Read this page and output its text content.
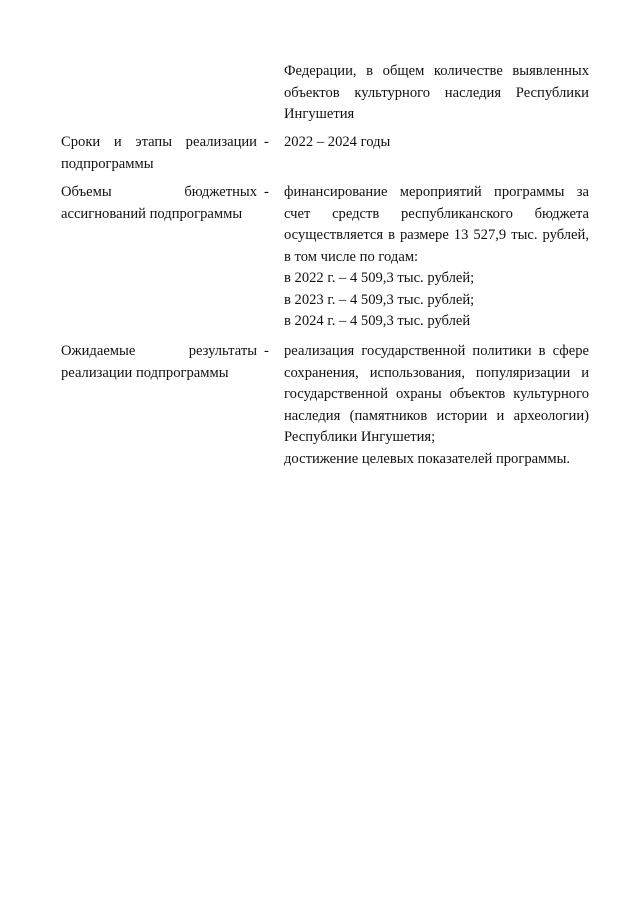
Федерации, в общем количестве выявленных
объектов культурного наследия Республики
Ингушетия
Сроки и этапы реализации
подпрограммы
-	2022 – 2024 годы
Объемы бюджетных
ассигнований подпрограммы
-	финансирование мероприятий программы за
счет средств республиканского бюджета
осуществляется в размере 13 527,9 тыс. рублей,
в том числе по годам:
в 2022 г. – 4 509,3 тыс. рублей;
в 2023 г. – 4 509,3 тыс. рублей;
в 2024 г. – 4 509,3 тыс. рублей
Ожидаемые результаты
реализации подпрограммы
-	реализация государственной политики в сфере
сохранения, использования, популяризации и
государственной охраны объектов культурного
наследия (памятников истории и археологии)
Республики Ингушетия;
достижение целевых показателей программы.
